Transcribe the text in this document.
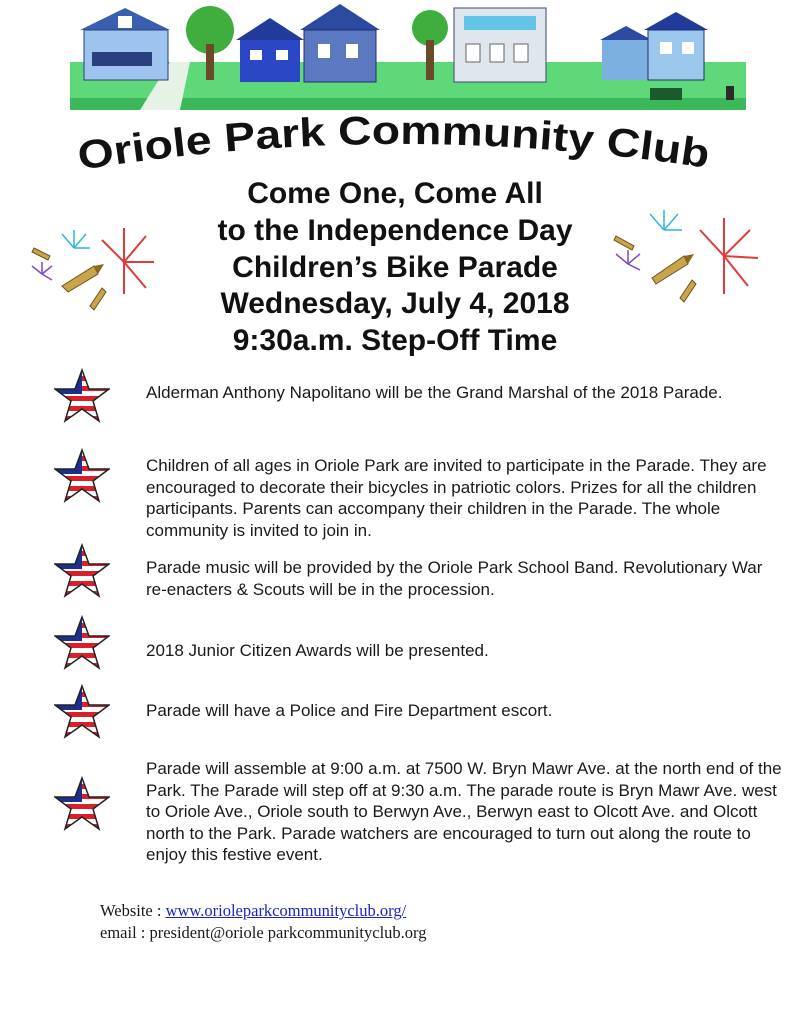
Oriole Park Community Club
Come One, Come All
to the Independence Day
Children’s Bike Parade
Wednesday, July 4, 2018
9:30a.m. Step-Off Time
Alderman Anthony Napolitano will be the Grand Marshal of the 2018 Parade.
Children of all ages in Oriole Park are invited to participate in the Parade. They are encouraged to decorate their bicycles in patriotic colors. Prizes for all the children participants. Parents can accompany their children in the Parade. The whole community is invited to join in.
Parade music will be provided by the Oriole Park School Band. Revolutionary War re-enacters & Scouts will be in the procession.
2018 Junior Citizen Awards will be presented.
Parade will have a Police and Fire Department escort.
Parade will assemble at 9:00 a.m. at 7500 W. Bryn Mawr Ave. at the north end of the Park. The Parade will step off at 9:30 a.m. The parade route is Bryn Mawr Ave. west to Oriole Ave., Oriole south to Berwyn Ave., Berwyn east to Olcott Ave. and Olcott north to the Park. Parade watchers are encouraged to turn out along the route to enjoy this festive event.
Website : www.orioleparkcommunityclub.org/
email : president@oriole parkcommunityclub.org
